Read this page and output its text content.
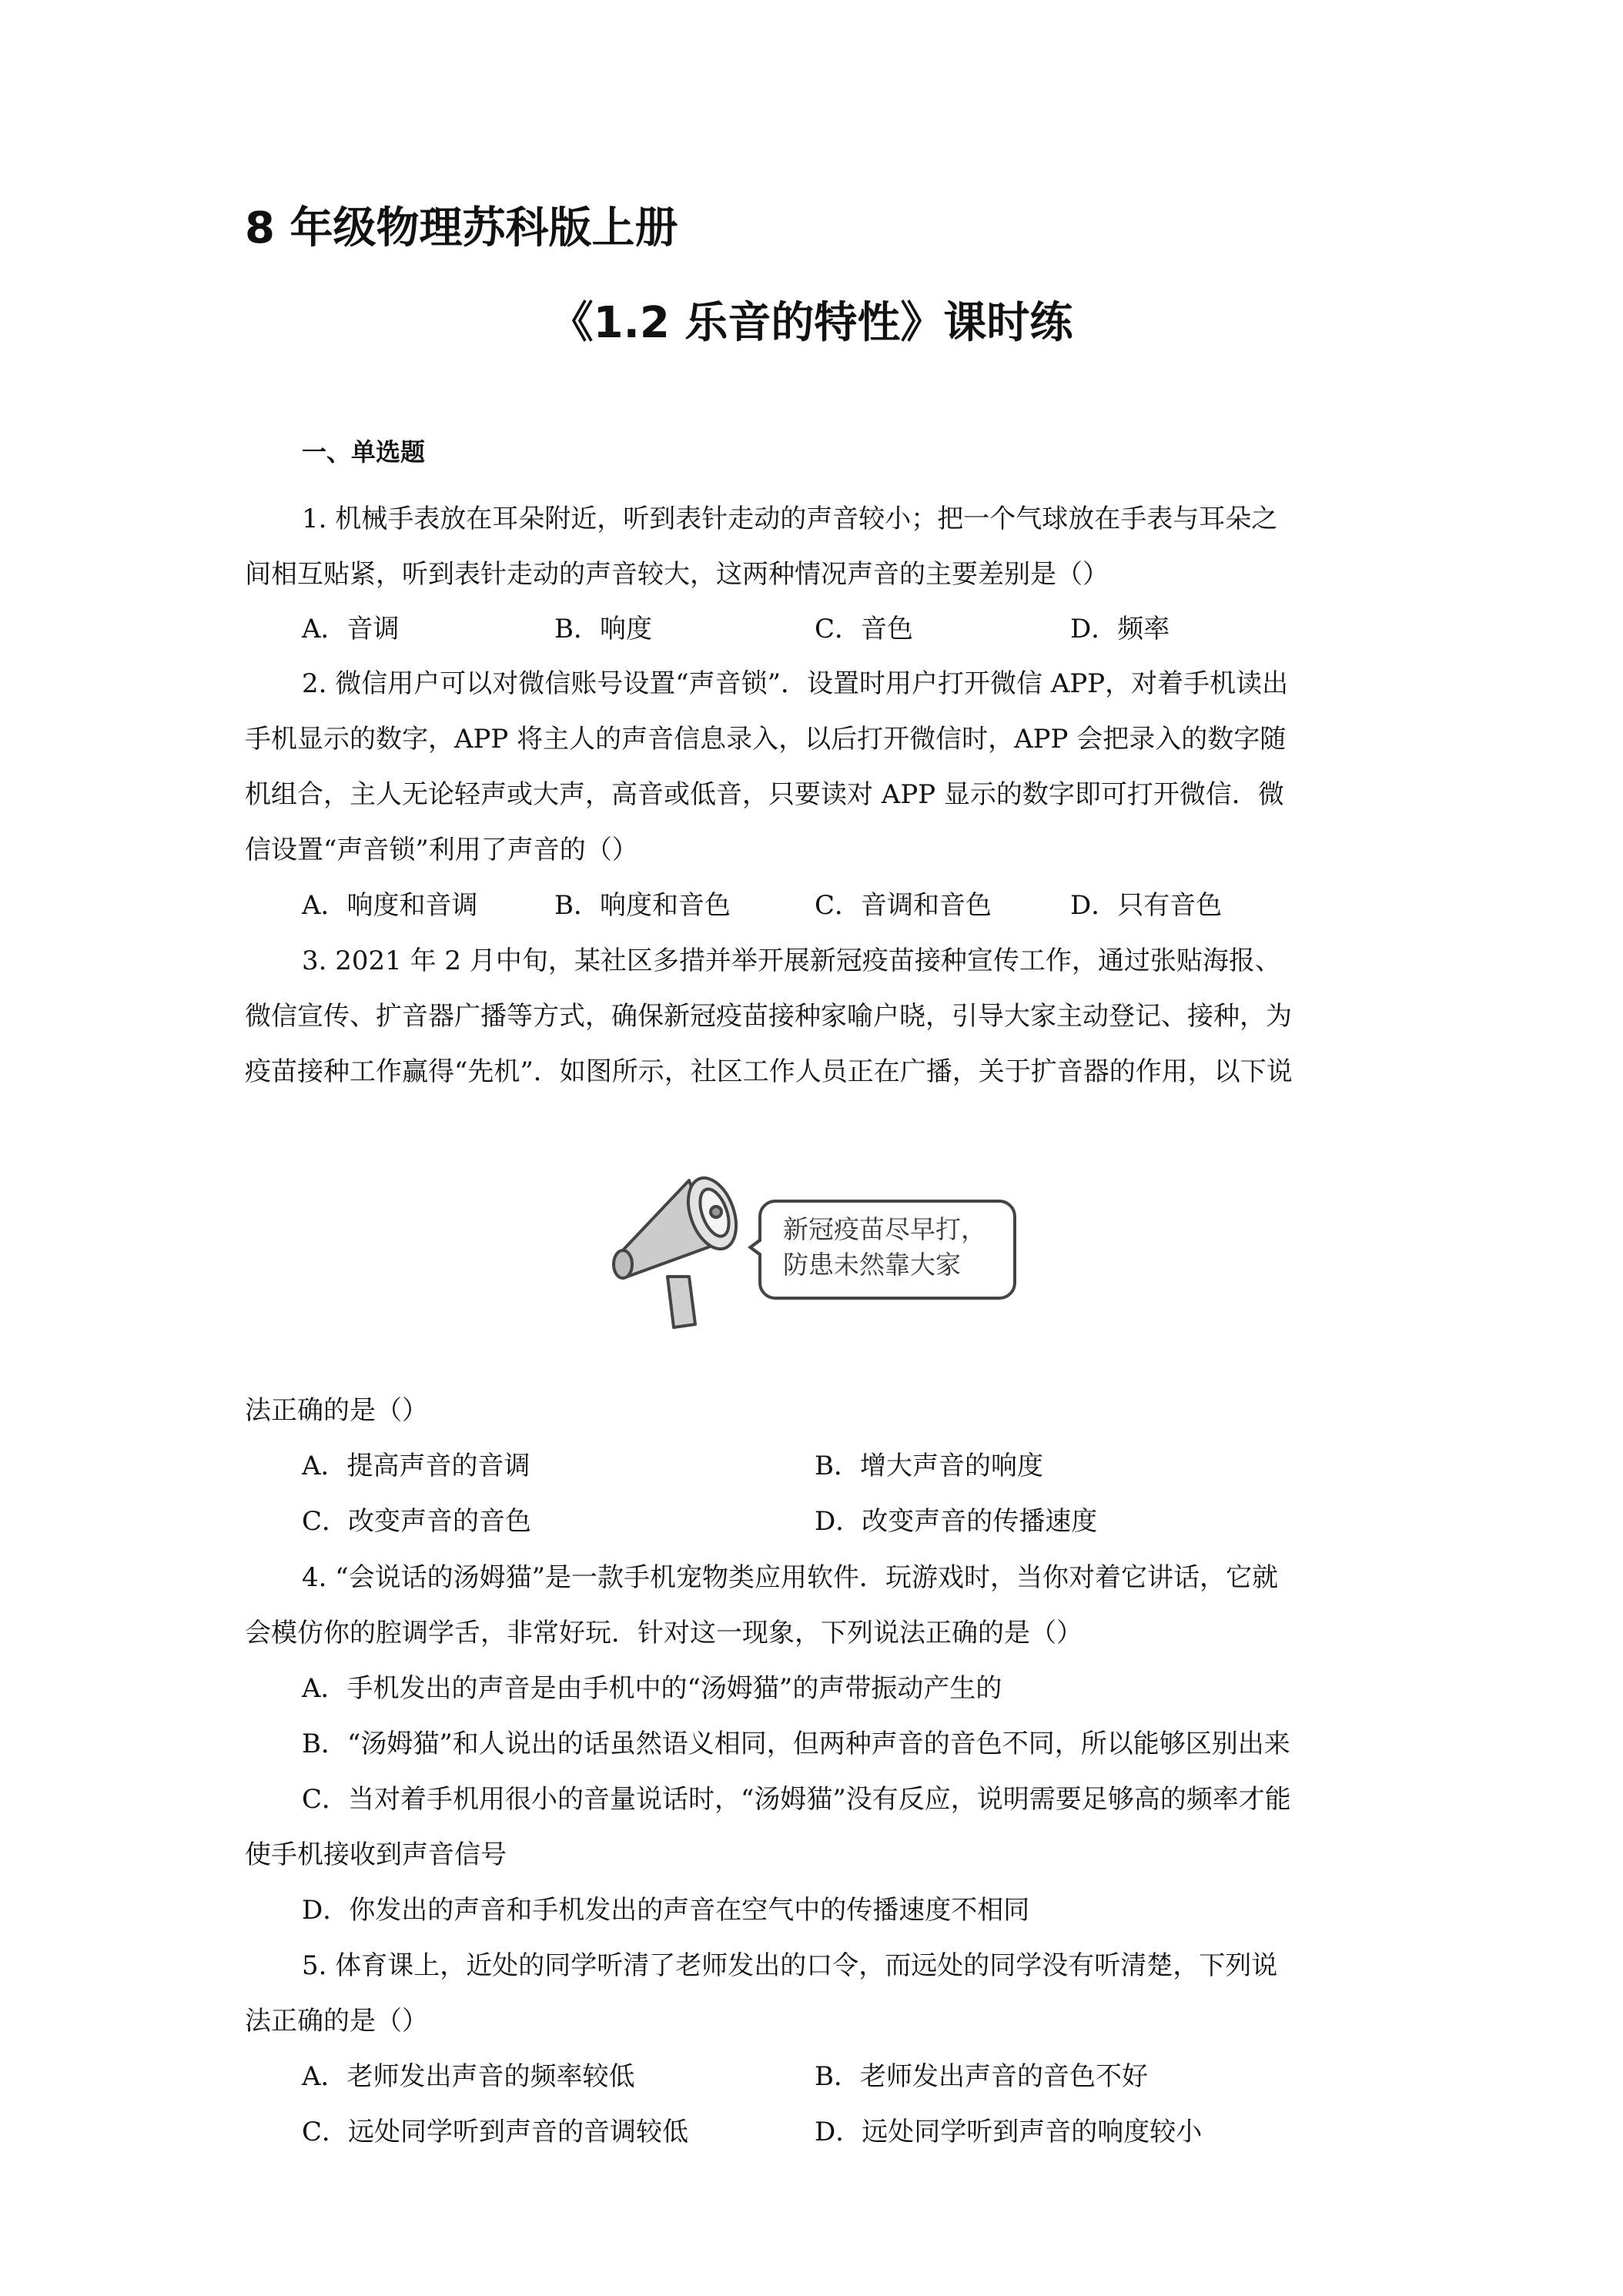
8 年级物理苏科版上册
《1.2 乐音的特性》课时练
一、单选题
1. 机械手表放在耳朵附近，听到表针走动的声音较小；把一个气球放在手表与耳朵之
间相互贴紧，听到表针走动的声音较大，这两种情况声音的主要差别是（）
A．音调	B．响度	C．音色	D．频率
2. 微信用户可以对微信账号设置“声音锁”．设置时用户打开微信 APP，对着手机读出
手机显示的数字，APP 将主人的声音信息录入，以后打开微信时，APP 会把录入的数字随
机组合，主人无论轻声或大声，高音或低音，只要读对 APP 显示的数字即可打开微信．微
信设置“声音锁”利用了声音的（）
A．响度和音调	B．响度和音色	C．音调和音色	D．只有音色
3. 2021 年 2 月中旬，某社区多措并举开展新冠疫苗接种宣传工作，通过张贴海报、
微信宣传、扩音器广播等方式，确保新冠疫苗接种家喻户晓，引导大家主动登记、接种，为
疫苗接种工作赢得“先机”．如图所示，社区工作人员正在广播，关于扩音器的作用，以下说
新冠疫苗尽早打，
防患未然靠大家
法正确的是（）
A．提高声音的音调	B．增大声音的响度
C．改变声音的音色	D．改变声音的传播速度
4. “会说话的汤姆猫”是一款手机宠物类应用软件．玩游戏时，当你对着它讲话，它就
会模仿你的腔调学舌，非常好玩．针对这一现象，下列说法正确的是（）
A．手机发出的声音是由手机中的“汤姆猫”的声带振动产生的
B．“汤姆猫”和人说出的话虽然语义相同，但两种声音的音色不同，所以能够区别出来
C．当对着手机用很小的音量说话时，“汤姆猫”没有反应，说明需要足够高的频率才能
使手机接收到声音信号
D．你发出的声音和手机发出的声音在空气中的传播速度不相同
5. 体育课上，近处的同学听清了老师发出的口令，而远处的同学没有听清楚，下列说
法正确的是（）
A．老师发出声音的频率较低	B．老师发出声音的音色不好
C．远处同学听到声音的音调较低	D．远处同学听到声音的响度较小
